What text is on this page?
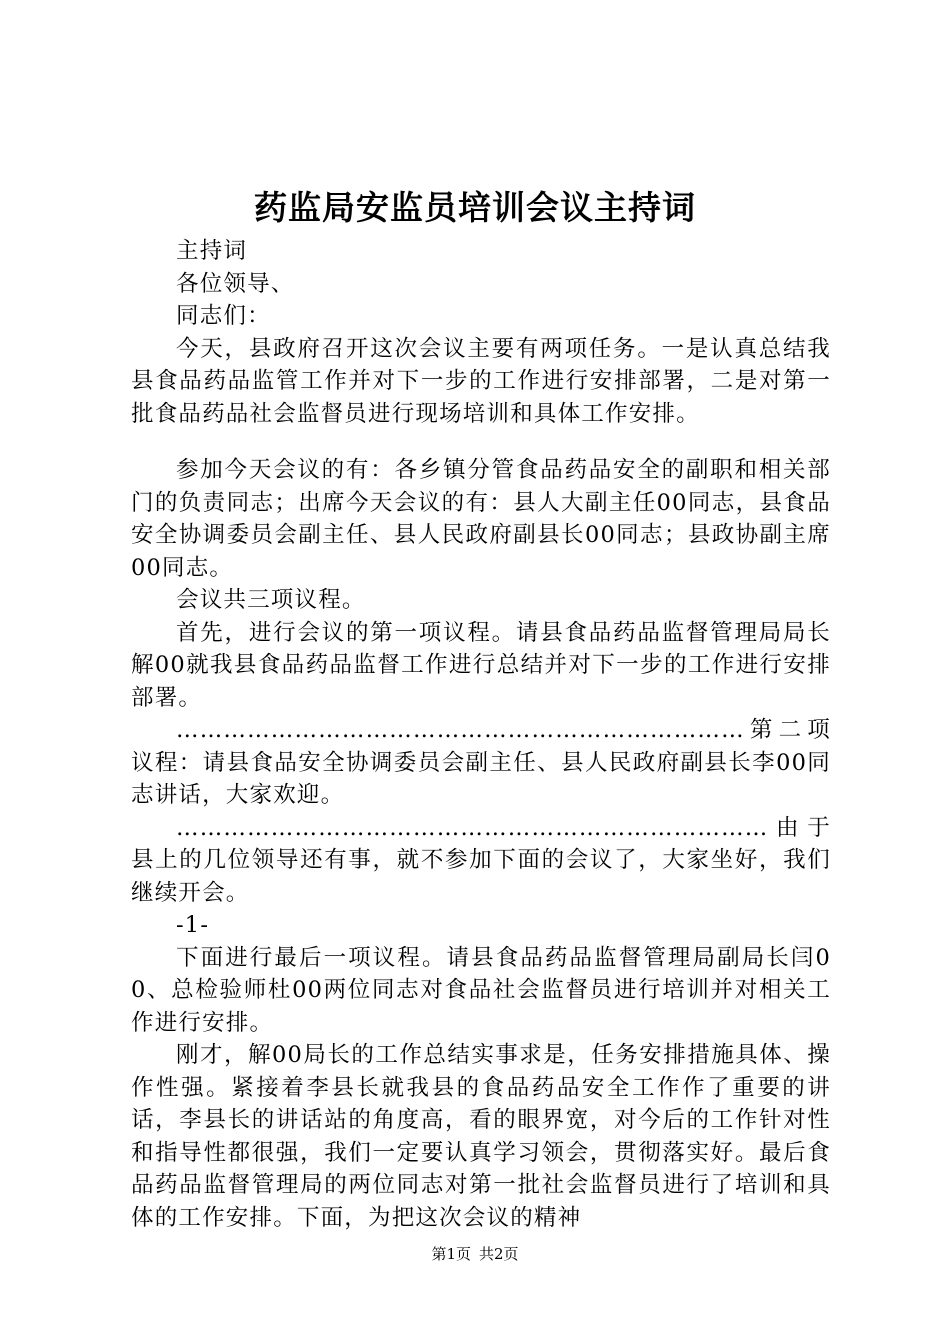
药监局安监员培训会议主持词

主持词

各位领导、

同志们：

今天，县政府召开这次会议主要有两项任务。一是认真总结我县食品药品监管工作并对下一步的工作进行安排部署，二是对第一批食品药品社会监督员进行现场培训和具体工作安排。

参加今天会议的有：各乡镇分管食品药品安全的副职和相关部门的负责同志；出席今天会议的有：县人大副主任00同志，县食品安全协调委员会副主任、县人民政府副县长00同志；县政协副主席00同志。

会议共三项议程。

首先，进行会议的第一项议程。请县食品药品监督管理局局长解00就我县食品药品监督工作进行总结并对下一步的工作进行安排部署。

………………………………………………………………第二项议程：请县食品安全协调委员会副主任、县人民政府副县长李00同志讲话，大家欢迎。

…………………………………………………………………由于县上的几位领导还有事，就不参加下面的会议了，大家坐好，我们继续开会。

-1-

下面进行最后一项议程。请县食品药品监督管理局副局长闫00、总检验师杜00两位同志对食品社会监督员进行培训并对相关工作进行安排。

刚才，解00局长的工作总结实事求是，任务安排措施具体、操作性强。紧接着李县长就我县的食品药品安全工作作了重要的讲话，李县长的讲话站的角度高，看的眼界宽，对今后的工作针对性和指导性都很强，我们一定要认真学习领会，贯彻落实好。最后食品药品监督管理局的两位同志对第一批社会监督员进行了培训和具体的工作安排。下面，为把这次会议的精神

第1页 共2页
